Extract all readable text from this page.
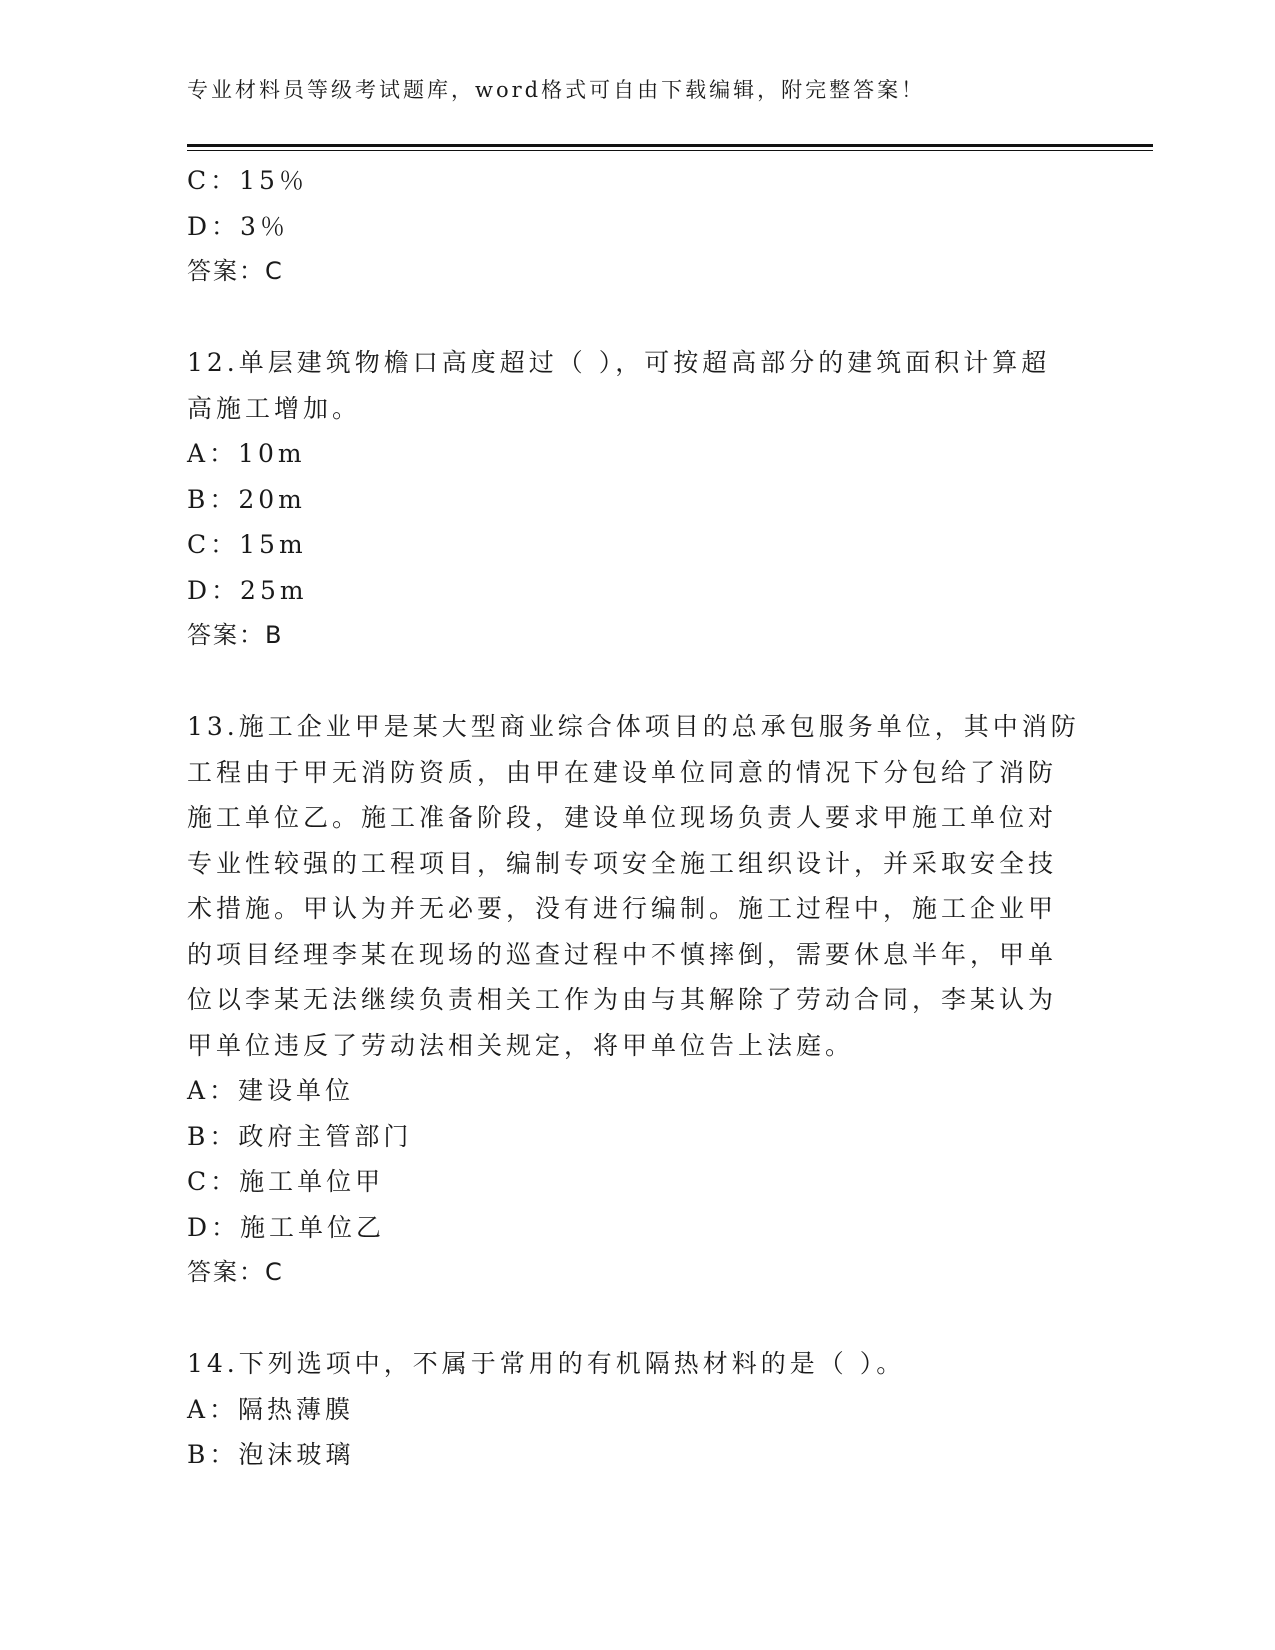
专业材料员等级考试题库，word格式可自由下载编辑，附完整答案！
C：15％
D：3％
答案：C
12.单层建筑物檐口高度超过（ ），可按超高部分的建筑面积计算超
高施工增加。
A：10m
B：20m
C：15m
D：25m
答案：B
13.施工企业甲是某大型商业综合体项目的总承包服务单位，其中消防
工程由于甲无消防资质，由甲在建设单位同意的情况下分包给了消防
施工单位乙。施工准备阶段，建设单位现场负责人要求甲施工单位对
专业性较强的工程项目，编制专项安全施工组织设计，并采取安全技
术措施。甲认为并无必要，没有进行编制。施工过程中，施工企业甲
的项目经理李某在现场的巡查过程中不慎摔倒，需要休息半年，甲单
位以李某无法继续负责相关工作为由与其解除了劳动合同，李某认为
甲单位违反了劳动法相关规定，将甲单位告上法庭。
A：建设单位
B：政府主管部门
C：施工单位甲
D：施工单位乙
答案：C
14.下列选项中，不属于常用的有机隔热材料的是（ ）。
A：隔热薄膜
B：泡沫玻璃
